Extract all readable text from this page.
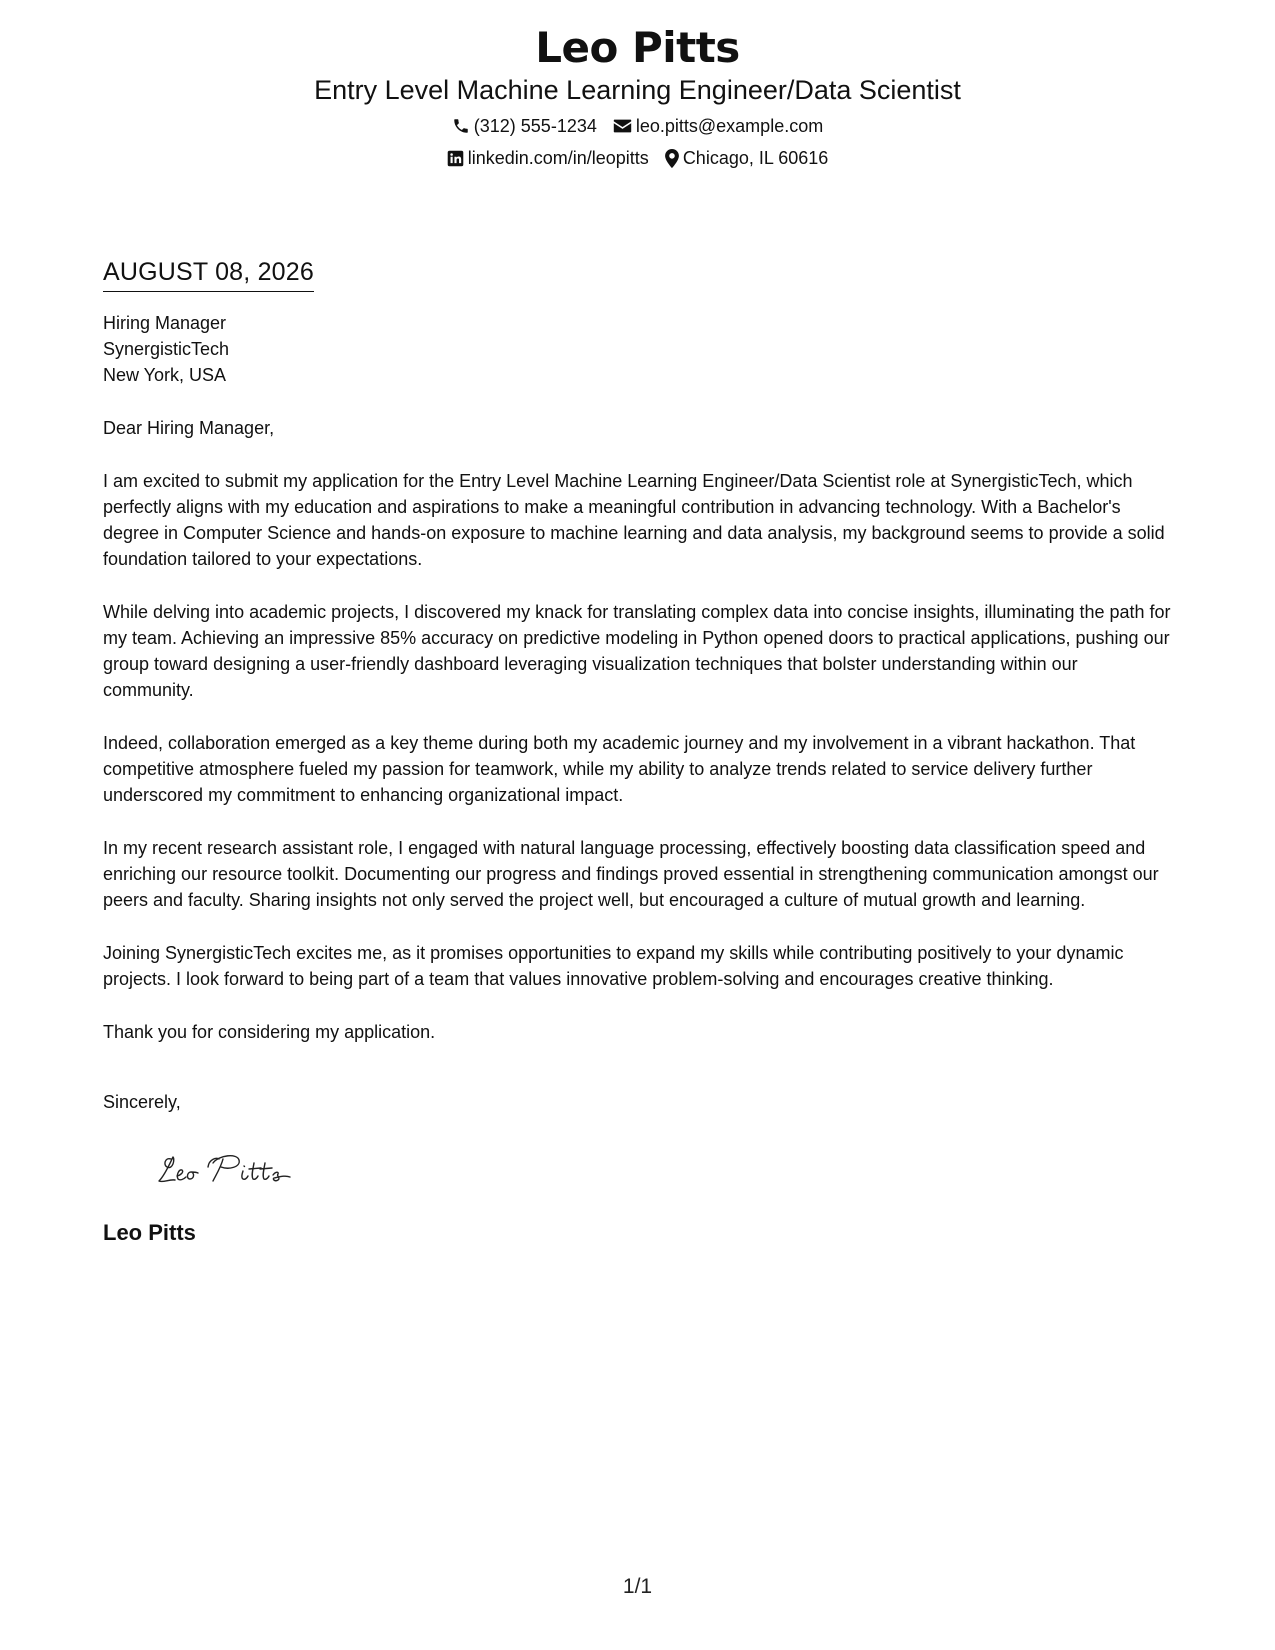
Leo Pitts
Entry Level Machine Learning Engineer/Data Scientist
(312) 555-1234 leo.pitts@example.com
linkedin.com/in/leopitts Chicago, IL 60616
AUGUST 08, 2026
Hiring Manager
SynergisticTech
New York, USA
Dear Hiring Manager,
I am excited to submit my application for the Entry Level Machine Learning Engineer/Data Scientist role at SynergisticTech, which perfectly aligns with my education and aspirations to make a meaningful contribution in advancing technology. With a Bachelor's degree in Computer Science and hands-on exposure to machine learning and data analysis, my background seems to provide a solid foundation tailored to your expectations.
While delving into academic projects, I discovered my knack for translating complex data into concise insights, illuminating the path for my team. Achieving an impressive 85% accuracy on predictive modeling in Python opened doors to practical applications, pushing our group toward designing a user-friendly dashboard leveraging visualization techniques that bolster understanding within our community.
Indeed, collaboration emerged as a key theme during both my academic journey and my involvement in a vibrant hackathon. That competitive atmosphere fueled my passion for teamwork, while my ability to analyze trends related to service delivery further underscored my commitment to enhancing organizational impact.
In my recent research assistant role, I engaged with natural language processing, effectively boosting data classification speed and enriching our resource toolkit. Documenting our progress and findings proved essential in strengthening communication amongst our peers and faculty. Sharing insights not only served the project well, but encouraged a culture of mutual growth and learning.
Joining SynergisticTech excites me, as it promises opportunities to expand my skills while contributing positively to your dynamic projects. I look forward to being part of a team that values innovative problem-solving and encourages creative thinking.
Thank you for considering my application.
Sincerely,
Leo Pitts
1/1
